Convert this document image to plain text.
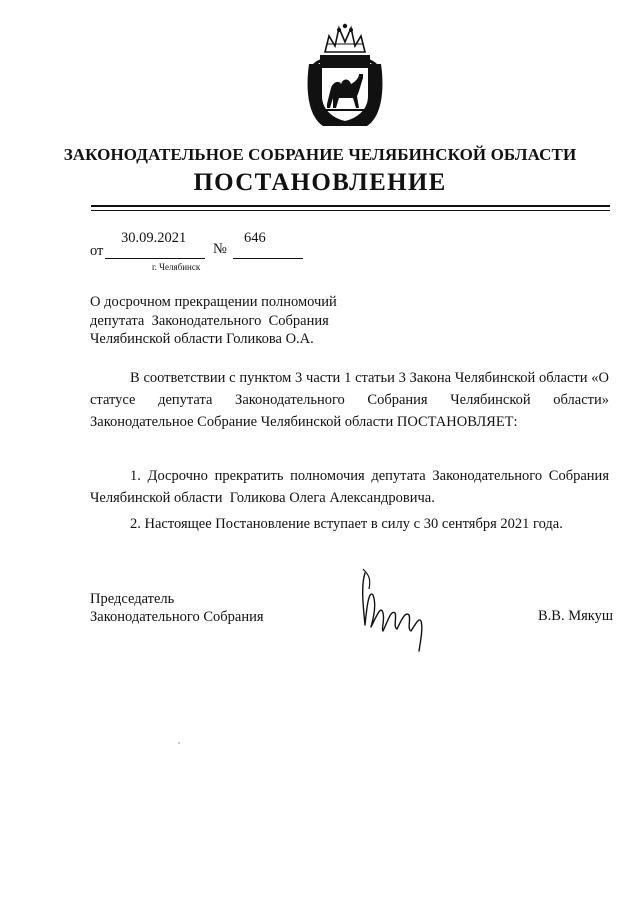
ЗАКОНОДАТЕЛЬНОЕ СОБРАНИЕ ЧЕЛЯБИНСКОЙ ОБЛАСТИ
ПОСТАНОВЛЕНИЕ
30.09.2021	646
от	№
г. Челябинск
О досрочном прекращении полномочий
депутата  Законодательного  Собрания
Челябинской области Голикова О.А.
В соответствии с пунктом 3 части 1 статьи 3 Закона Челябинской области «О статусе депутата Законодательного Собрания Челябинской области» Законодательное Собрание Челябинской области ПОСТАНОВЛЯЕТ:
1. Досрочно прекратить полномочия депутата Законодательного Собрания Челябинской области  Голикова Олега Александровича.
2. Настоящее Постановление вступает в силу с 30 сентября 2021 года.
Председатель
Законодательного Собрания	В.В. Мякуш
